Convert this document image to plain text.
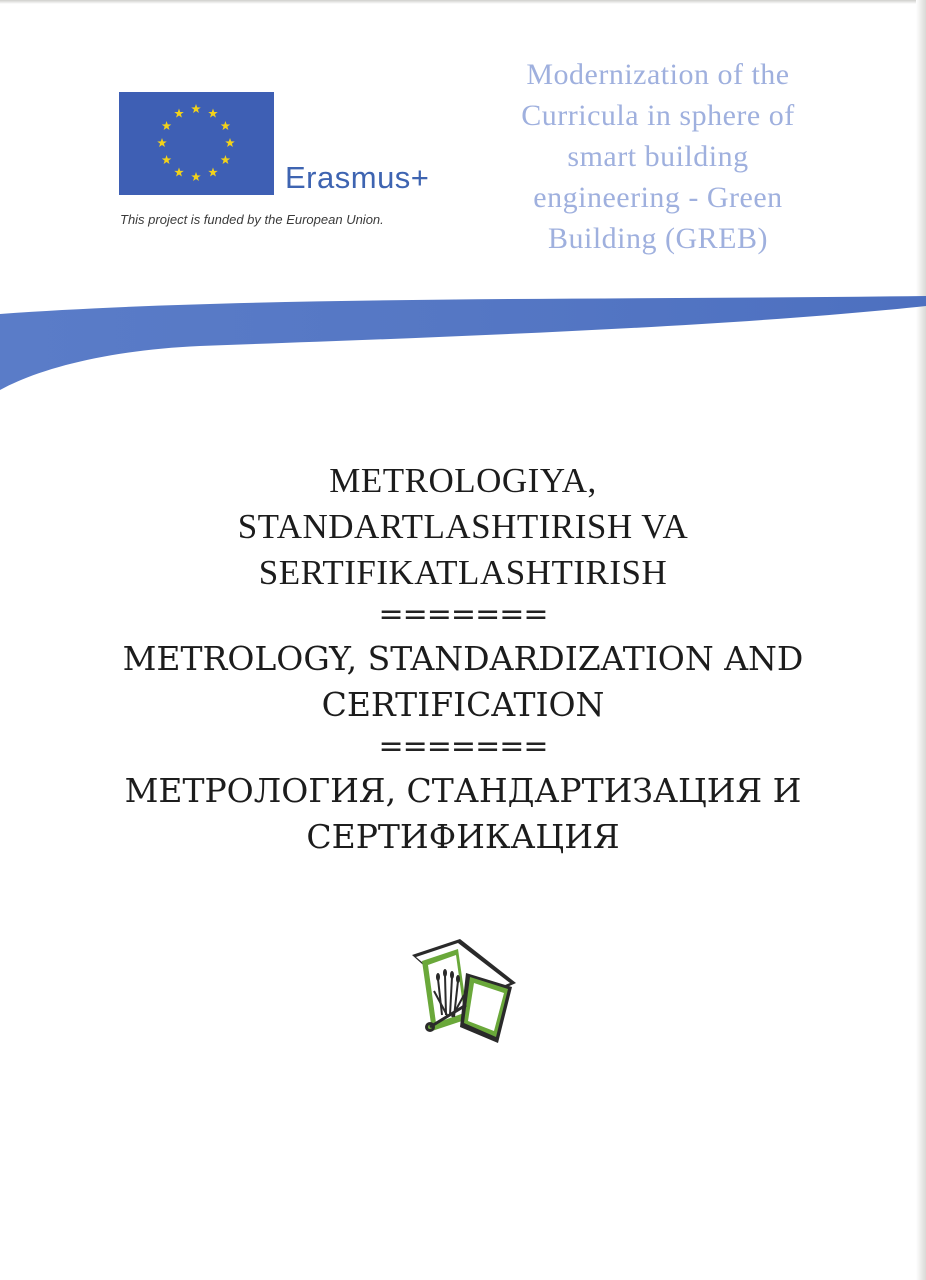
Erasmus+
This project is funded by the European Union.
Modernization of the
Curricula in sphere of
smart building
engineering - Green
Building (GREB)
METROLOGIYA,
STANDARTLASHTIRISH VA
SERTIFIKATLASHTIRISH
=======
METROLOGY, STANDARDIZATION AND
CERTIFICATION
=======
МЕТРОЛОГИЯ, СТАНДАРТИЗАЦИЯ И
СЕРТИФИКАЦИЯ
